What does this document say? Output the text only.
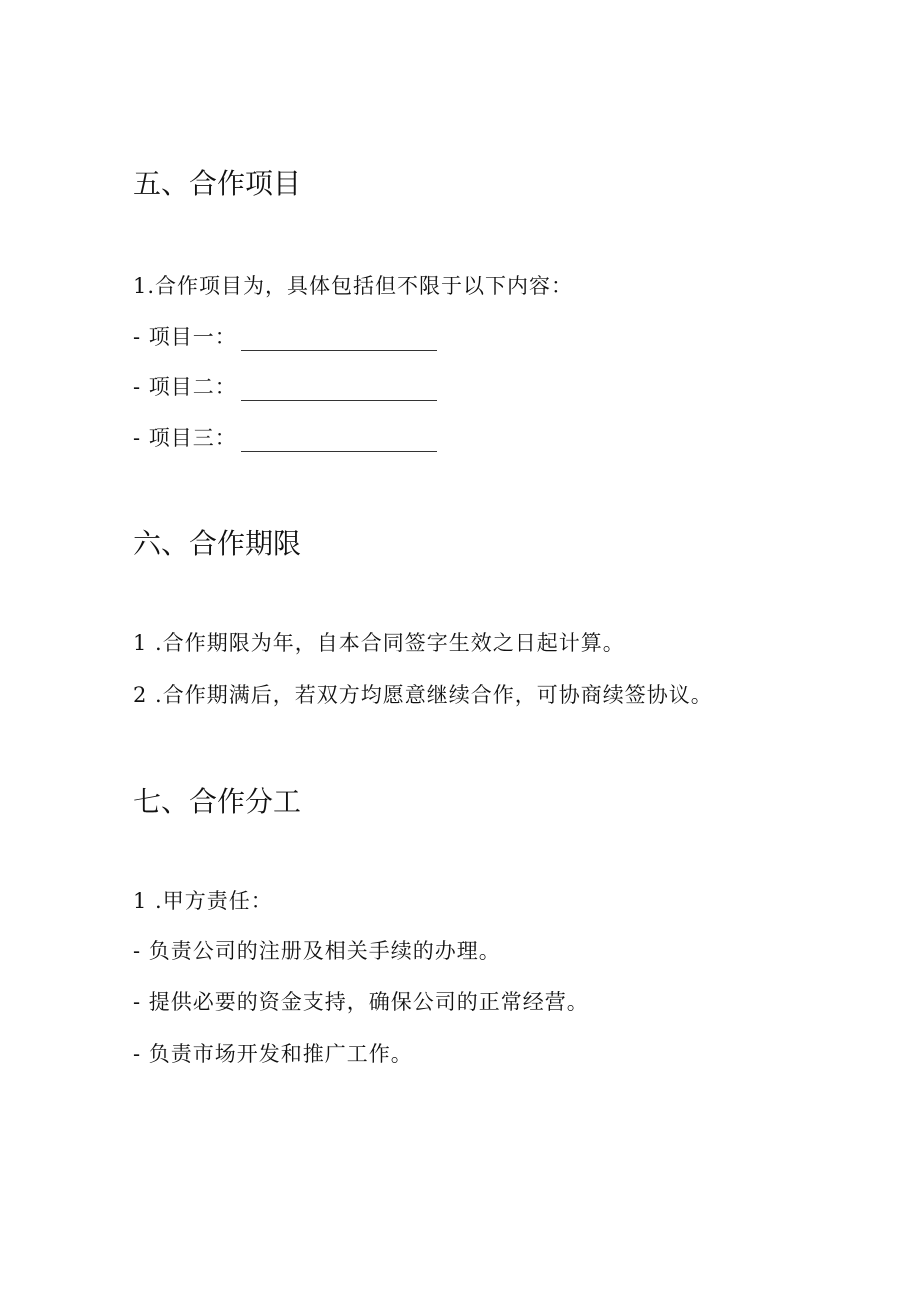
五、合作项目
1.合作项目为，具体包括但不限于以下内容：
- 项目一：
- 项目二：
- 项目三：
六、合作期限
1 .合作期限为年，自本合同签字生效之日起计算。
2 .合作期满后，若双方均愿意继续合作，可协商续签协议。
七、合作分工
1 .甲方责任：
- 负责公司的注册及相关手续的办理。
- 提供必要的资金支持，确保公司的正常经营。
- 负责市场开发和推广工作。
